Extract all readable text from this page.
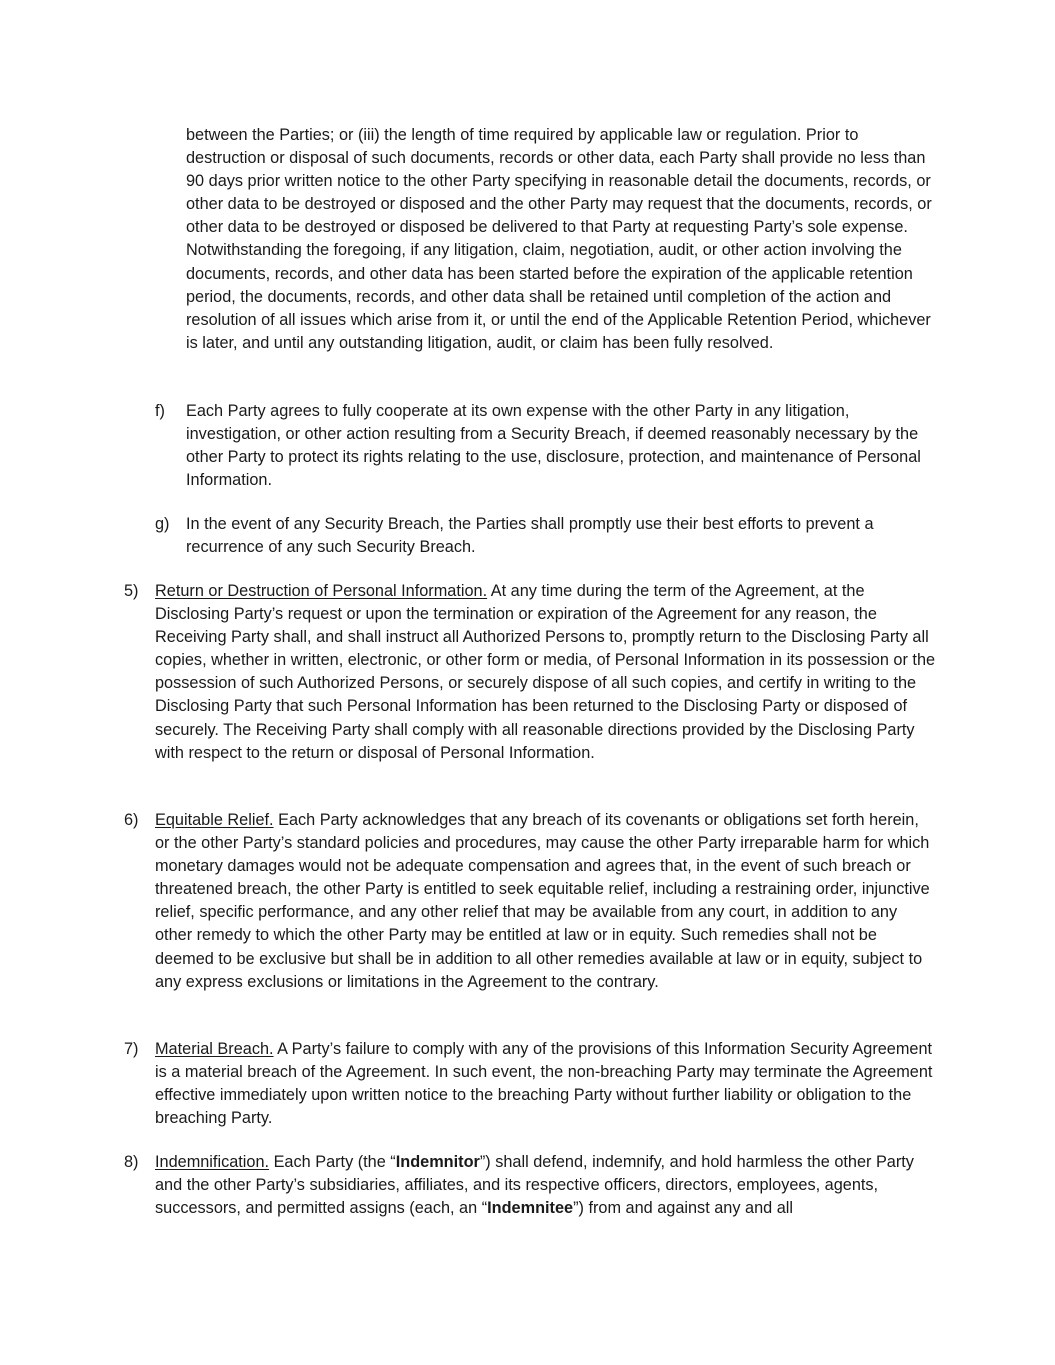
between the Parties; or (iii) the length of time required by applicable law or regulation. Prior to destruction or disposal of such documents, records or other data, each Party shall provide no less than 90 days prior written notice to the other Party specifying in reasonable detail the documents, records, or other data to be destroyed or disposed and the other Party may request that the documents, records, or other data to be destroyed or disposed be delivered to that Party at requesting Party’s sole expense. Notwithstanding the foregoing, if any litigation, claim, negotiation, audit, or other action involving the documents, records, and other data has been started before the expiration of the applicable retention period, the documents, records, and other data shall be retained until completion of the action and resolution of all issues which arise from it, or until the end of the Applicable Retention Period, whichever is later, and until any outstanding litigation, audit, or claim has been fully resolved.

f) Each Party agrees to fully cooperate at its own expense with the other Party in any litigation, investigation, or other action resulting from a Security Breach, if deemed reasonably necessary by the other Party to protect its rights relating to the use, disclosure, protection, and maintenance of Personal Information.

g) In the event of any Security Breach, the Parties shall promptly use their best efforts to prevent a recurrence of any such Security Breach.

5) Return or Destruction of Personal Information. At any time during the term of the Agreement, at the Disclosing Party’s request or upon the termination or expiration of the Agreement for any reason, the Receiving Party shall, and shall instruct all Authorized Persons to, promptly return to the Disclosing Party all copies, whether in written, electronic, or other form or media, of Personal Information in its possession or the possession of such Authorized Persons, or securely dispose of all such copies, and certify in writing to the Disclosing Party that such Personal Information has been returned to the Disclosing Party or disposed of securely. The Receiving Party shall comply with all reasonable directions provided by the Disclosing Party with respect to the return or disposal of Personal Information.

6) Equitable Relief. Each Party acknowledges that any breach of its covenants or obligations set forth herein, or the other Party’s standard policies and procedures, may cause the other Party irreparable harm for which monetary damages would not be adequate compensation and agrees that, in the event of such breach or threatened breach, the other Party is entitled to seek equitable relief, including a restraining order, injunctive relief, specific performance, and any other relief that may be available from any court, in addition to any other remedy to which the other Party may be entitled at law or in equity. Such remedies shall not be deemed to be exclusive but shall be in addition to all other remedies available at law or in equity, subject to any express exclusions or limitations in the Agreement to the contrary.

7) Material Breach. A Party’s failure to comply with any of the provisions of this Information Security Agreement is a material breach of the Agreement. In such event, the non-breaching Party may terminate the Agreement effective immediately upon written notice to the breaching Party without further liability or obligation to the breaching Party.

8) Indemnification. Each Party (the “Indemnitor”) shall defend, indemnify, and hold harmless the other Party and the other Party’s subsidiaries, affiliates, and its respective officers, directors, employees, agents, successors, and permitted assigns (each, an “Indemnitee”) from and against any and all
